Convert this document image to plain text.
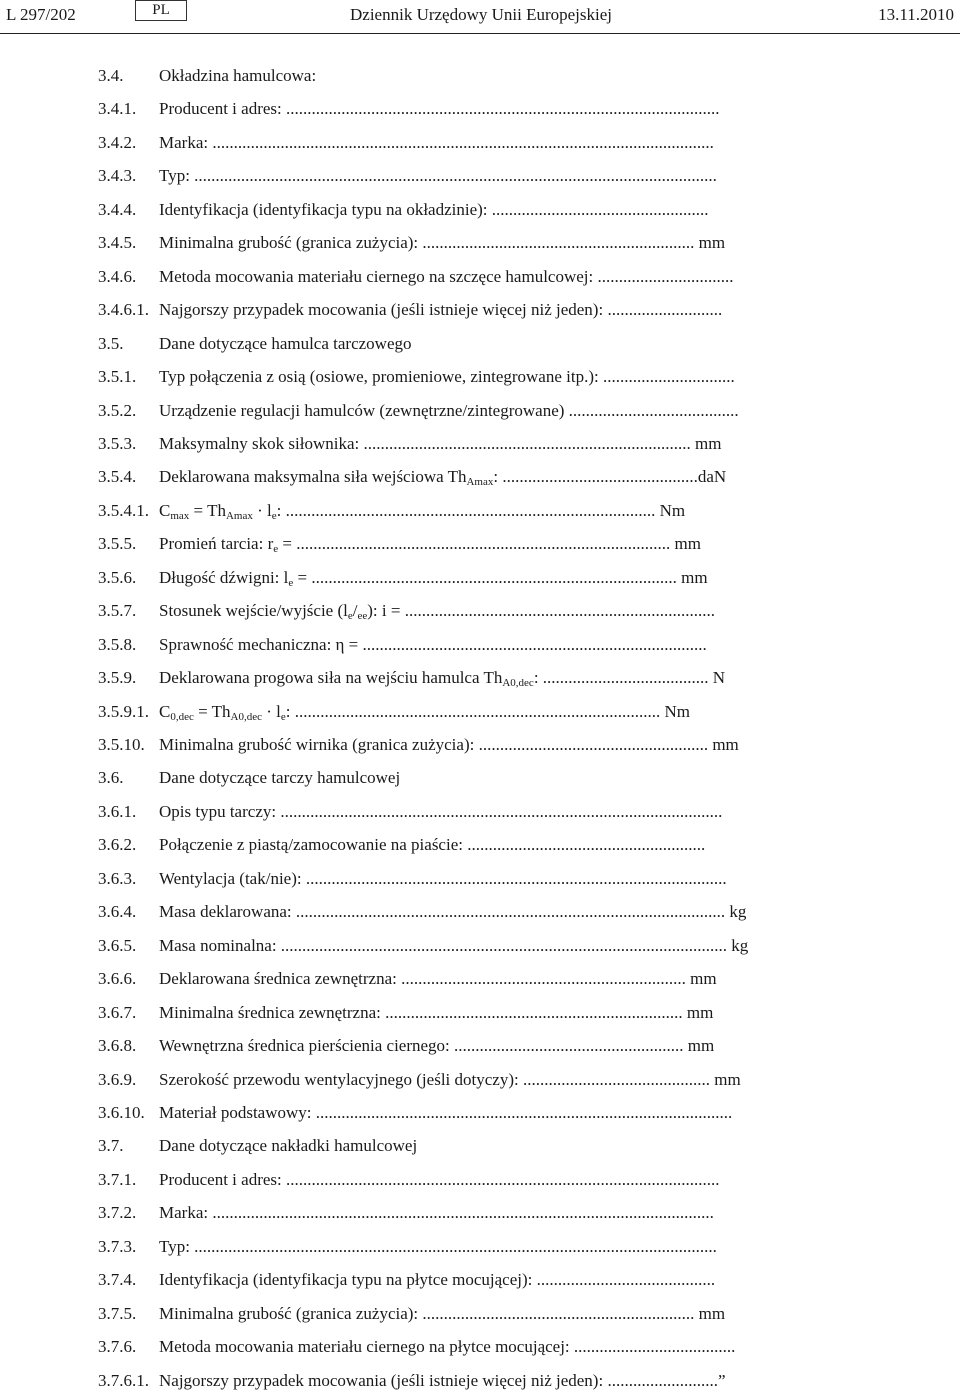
L 297/202	PL	Dziennik Urzędowy Unii Europejskiej	13.11.2010
3.4. Okładzina hamulcowa:
3.4.1. Producent i adres: ......................................................................................................
3.4.2. Marka: ......................................................................................................................
3.4.3. Typ: ...........................................................................................................................
3.4.4. Identyfikacja (identyfikacja typu na okładzinie): ...................................................
3.4.5. Minimalna grubość (granica zużycia): ................................................................ mm
3.4.6. Metoda mocowania materiału ciernego na szczęce hamulcowej: ................................
3.4.6.1. Najgorszy przypadek mocowania (jeśli istnieje więcej niż jeden): ...........................
3.5. Dane dotyczące hamulca tarczowego
3.5.1. Typ połączenia z osią (osiowe, promieniowe, zintegrowane itp.): ...............................
3.5.2. Urządzenie regulacji hamulców (zewnętrzne/zintegrowane) ........................................
3.5.3. Maksymalny skok siłownika: ............................................................................. mm
3.5.4. Deklarowana maksymalna siła wejściowa $Th_{Amax}$: ..............................................daN
3.5.4.1. $C_{max} = Th_{Amax} \cdot l_e$: ....................................................................................... Nm
3.5.5. Promień tarcia: $r_e$ = ........................................................................................ mm
3.5.6. Długość dźwigni: $l_e$ = ...................................................................................... mm
3.5.7. Stosunek wejście/wyjście $(l_e/_{ee})$: i = .........................................................................
3.5.8. Sprawność mechaniczna: η = .................................................................................
3.5.9. Deklarowana progowa siła na wejściu hamulca $Th_{A0,dec}$: ....................................... N
3.5.9.1. $C_{0,dec} = Th_{A0,dec} \cdot l_e$: ...................................................................................... Nm
3.5.10. Minimalna grubość wirnika (granica zużycia): ...................................................... mm
3.6. Dane dotyczące tarczy hamulcowej
3.6.1. Opis typu tarczy: ........................................................................................................
3.6.2. Połączenie z piastą/zamocowanie na piaście: ........................................................
3.6.3. Wentylacja (tak/nie): ...................................................................................................
3.6.4. Masa deklarowana: ..................................................................................................... kg
3.6.5. Masa nominalna: ......................................................................................................... kg
3.6.6. Deklarowana średnica zewnętrzna: ................................................................... mm
3.6.7. Minimalna średnica zewnętrzna: ...................................................................... mm
3.6.8. Wewnętrzna średnica pierścienia ciernego: ...................................................... mm
3.6.9. Szerokość przewodu wentylacyjnego (jeśli dotyczy): ............................................ mm
3.6.10. Materiał podstawowy: ..................................................................................................
3.7. Dane dotyczące nakładki hamulcowej
3.7.1. Producent i adres: ......................................................................................................
3.7.2. Marka: ......................................................................................................................
3.7.3. Typ: ...........................................................................................................................
3.7.4. Identyfikacja (identyfikacja typu na płytce mocującej): ..........................................
3.7.5. Minimalna grubość (granica zużycia): ................................................................ mm
3.7.6. Metoda mocowania materiału ciernego na płytce mocującej: ......................................
3.7.6.1. Najgorszy przypadek mocowania (jeśli istnieje więcej niż jeden): ..........................”
